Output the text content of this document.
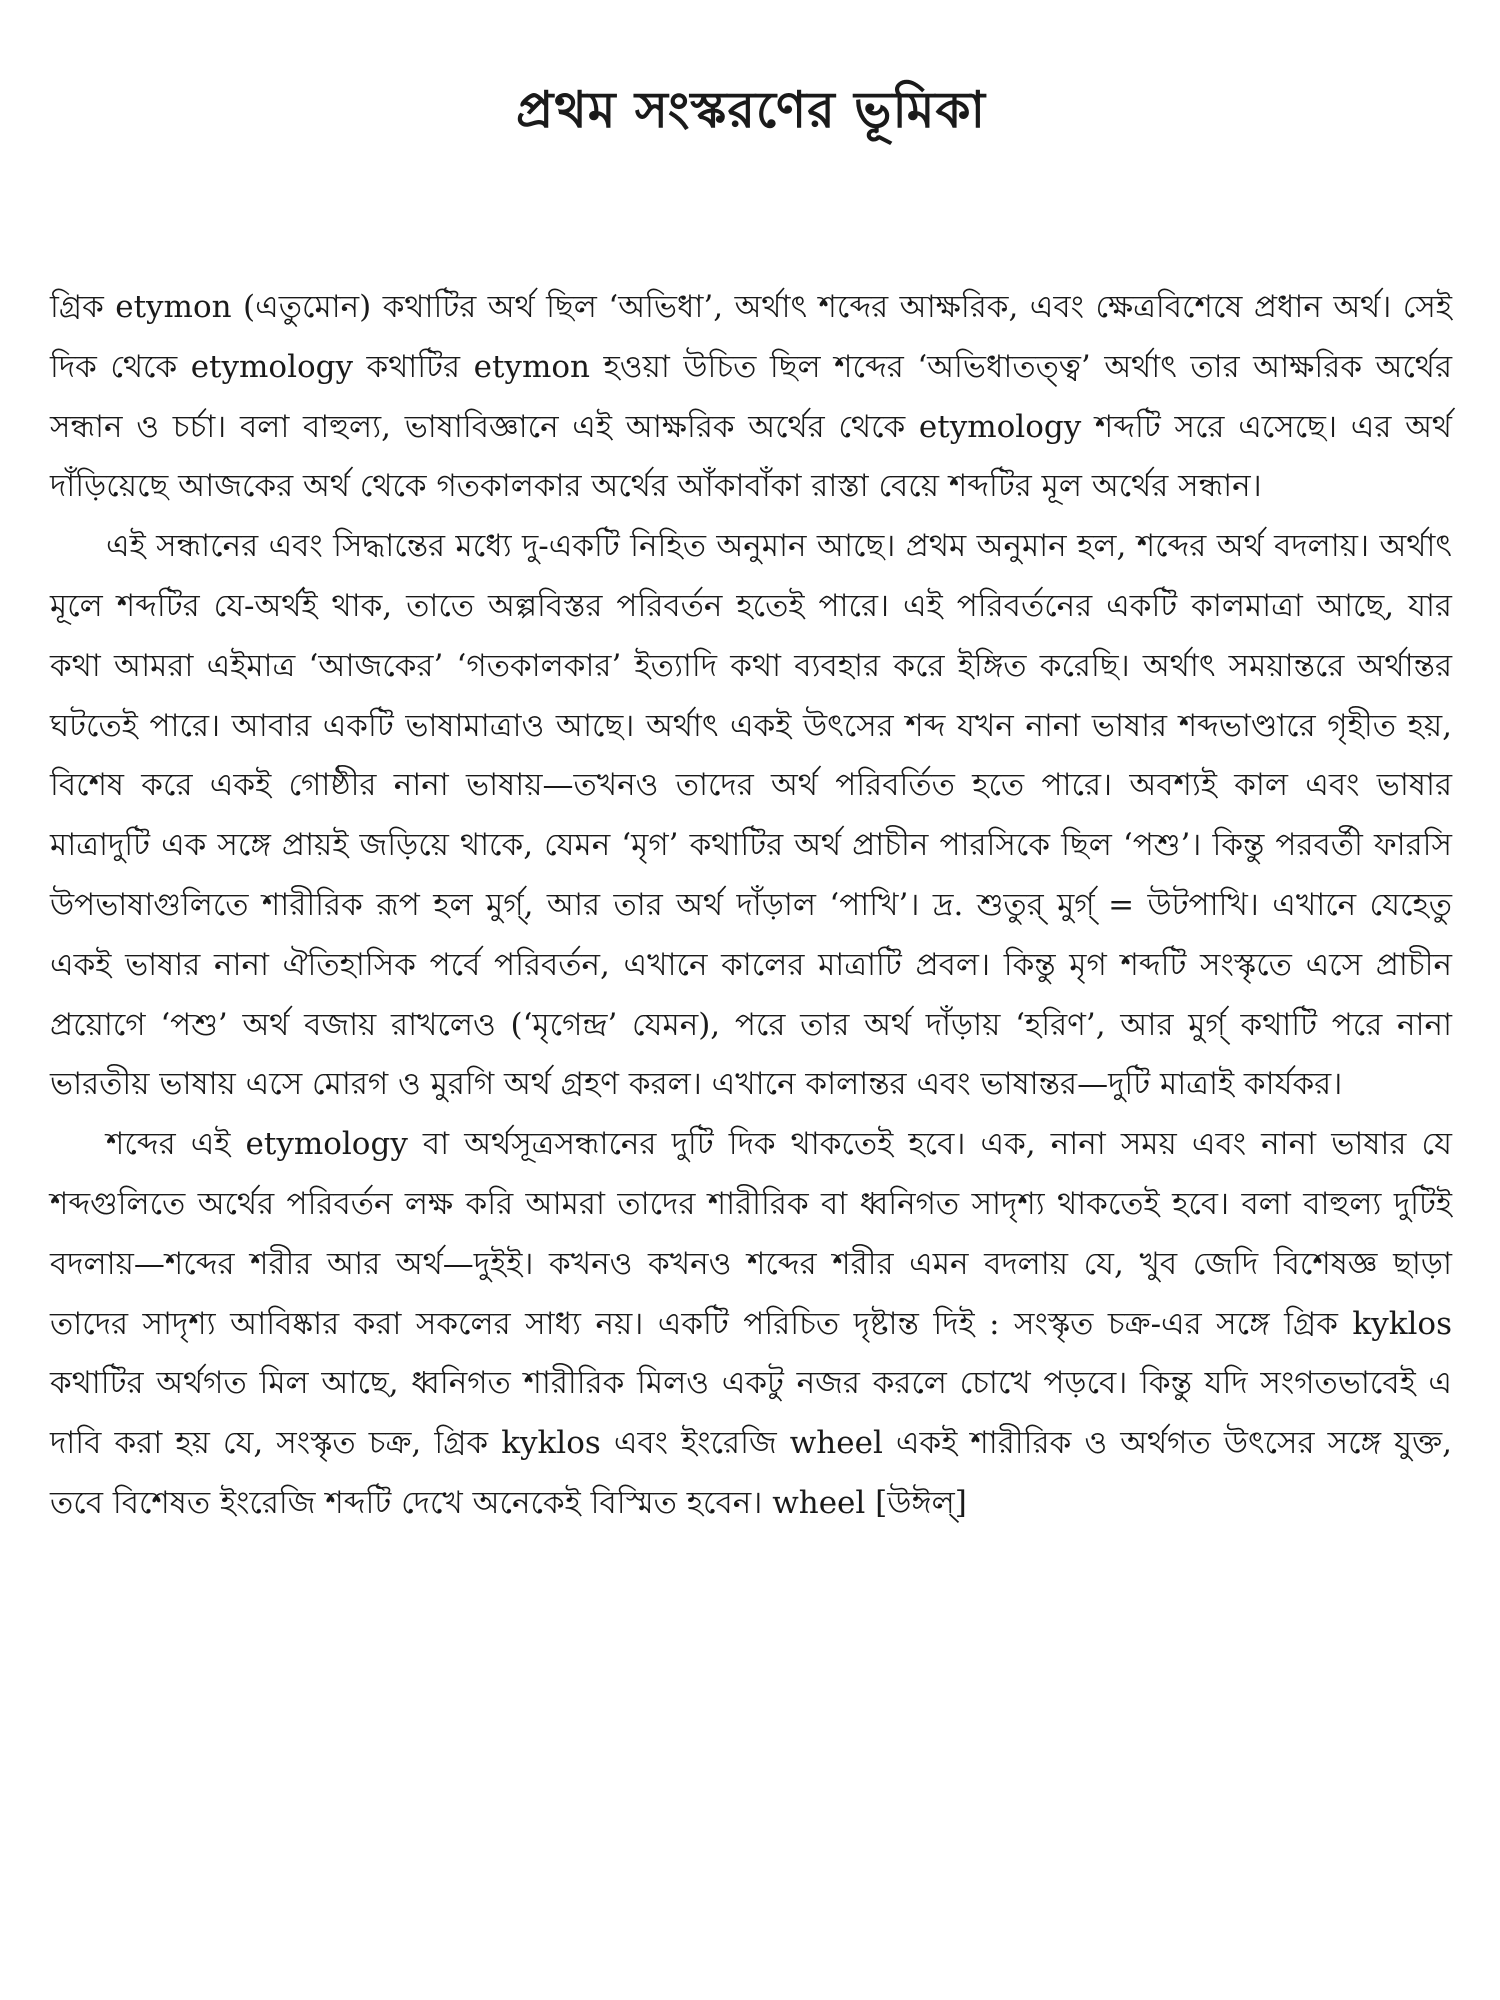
প্রথম সংস্করণের ভূমিকা

গ্রিক etymon (এতুমোন) কথাটির অর্থ ছিল ‘অভিধা’, অর্থাৎ শব্দের আক্ষরিক, এবং ক্ষেত্রবিশেষে প্রধান অর্থ। সেই দিক থেকে etymology কথাটির etymon হওয়া উচিত ছিল শব্দের ‘অভিধাতত্ত্ব’ অর্থাৎ তার আক্ষরিক অর্থের সন্ধান ও চর্চা। বলা বাহুল্য, ভাষাবিজ্ঞানে এই আক্ষরিক অর্থের থেকে etymology শব্দটি সরে এসেছে। এর অর্থ দাঁড়িয়েছে আজকের অর্থ থেকে গতকালকার অর্থের আঁকাবাঁকা রাস্তা বেয়ে শব্দটির মূল অর্থের সন্ধান।

এই সন্ধানের এবং সিদ্ধান্তের মধ্যে দু-একটি নিহিত অনুমান আছে। প্রথম অনুমান হল, শব্দের অর্থ বদলায়। অর্থাৎ মূলে শব্দটির যে-অর্থই থাক, তাতে অল্পবিস্তর পরিবর্তন হতেই পারে। এই পরিবর্তনের একটি কালমাত্রা আছে, যার কথা আমরা এইমাত্র ‘আজকের’ ‘গতকালকার’ ইত্যাদি কথা ব্যবহার করে ইঙ্গিত করেছি। অর্থাৎ সময়ান্তরে অর্থান্তর ঘটতেই পারে। আবার একটি ভাষামাত্রাও আছে। অর্থাৎ একই উৎসের শব্দ যখন নানা ভাষার শব্দভাণ্ডারে গৃহীত হয়, বিশেষ করে একই গোষ্ঠীর নানা ভাষায়—তখনও তাদের অর্থ পরিবর্তিত হতে পারে। অবশ্যই কাল এবং ভাষার মাত্রাদুটি এক সঙ্গে প্রায়ই জড়িয়ে থাকে, যেমন ‘মৃগ’ কথাটির অর্থ প্রাচীন পারসিকে ছিল ‘পশু’। কিন্তু পরবর্তী ফারসি উপভাষাগুলিতে শারীরিক রূপ হল মুর্গ্‌, আর তার অর্থ দাঁড়াল ‘পাখি’। দ্র. শুতুর্‌ মুর্গ্‌ = উটপাখি। এখানে যেহেতু একই ভাষার নানা ঐতিহাসিক পর্বে পরিবর্তন, এখানে কালের মাত্রাটি প্রবল। কিন্তু মৃগ শব্দটি সংস্কৃতে এসে প্রাচীন প্রয়োগে ‘পশু’ অর্থ বজায় রাখলেও (‘মৃগেন্দ্র’ যেমন), পরে তার অর্থ দাঁড়ায় ‘হরিণ’, আর মুর্গ্‌ কথাটি পরে নানা ভারতীয় ভাষায় এসে মোরগ ও মুরগি অর্থ গ্রহণ করল। এখানে কালান্তর এবং ভাষান্তর—দুটি মাত্রাই কার্যকর।

শব্দের এই etymology বা অর্থসূত্রসন্ধানের দুটি দিক থাকতেই হবে। এক, নানা সময় এবং নানা ভাষার যে শব্দগুলিতে অর্থের পরিবর্তন লক্ষ করি আমরা তাদের শারীরিক বা ধ্বনিগত সাদৃশ্য থাকতেই হবে। বলা বাহুল্য দুটিই বদলায়—শব্দের শরীর আর অর্থ—দুইই। কখনও কখনও শব্দের শরীর এমন বদলায় যে, খুব জেদি বিশেষজ্ঞ ছাড়া তাদের সাদৃশ্য আবিষ্কার করা সকলের সাধ্য নয়। একটি পরিচিত দৃষ্টান্ত দিই : সংস্কৃত চক্র-এর সঙ্গে গ্রিক kyklos কথাটির অর্থগত মিল আছে, ধ্বনিগত শারীরিক মিলও একটু নজর করলে চোখে পড়বে। কিন্তু যদি সংগতভাবেই এ দাবি করা হয় যে, সংস্কৃত চক্র, গ্রিক kyklos এবং ইংরেজি wheel একই শারীরিক ও অর্থগত উৎসের সঙ্গে যুক্ত, তবে বিশেষত ইংরেজি শব্দটি দেখে অনেকেই বিস্মিত হবেন। wheel [উঈল্‌]
